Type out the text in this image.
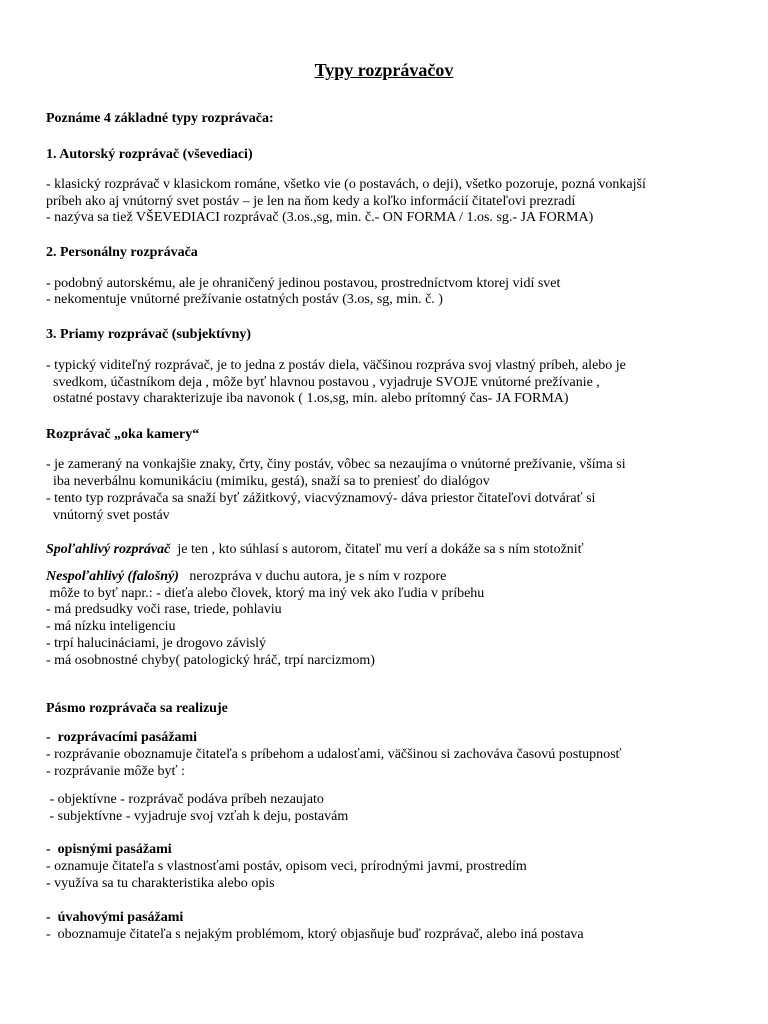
Typy rozprávačov
Poznáme 4 základné typy rozprávača:
1. Autorský rozprávač (vševediaci)
- klasický rozprávač v klasickom románe, všetko vie (o postavách, o deji), všetko pozoruje, pozná vonkajší
príbeh ako aj vnútorný svet postáv – je len na ňom kedy a koľko informácií čitateľovi prezradí
- nazýva sa tiež VŠEVEDIACI rozprávač (3.os.,sg, min. č.- ON FORMA / 1.os. sg.- JA FORMA)
2. Personálny rozprávača
- podobný autorskému, ale je ohraničený jedinou postavou, prostredníctvom ktorej vidí svet
- nekomentuje vnútorné prežívanie ostatných postáv (3.os, sg, min. č. )
3. Priamy rozprávač (subjektívny)
- typický viditeľný rozprávač, je to jedna z postáv diela, väčšinou rozpráva svoj vlastný príbeh, alebo je
svedkom, účastníkom deja , môže byť hlavnou postavou , vyjadruje SVOJE vnútorné prežívanie ,
ostatné postavy charakterizuje iba navonok ( 1.os,sg, min. alebo prítomný čas- JA FORMA)
Rozprávač „oka kamery“
- je zameraný na vonkajšie znaky, črty, činy postáv, vôbec sa nezaujíma o vnútorné prežívanie, všíma si
iba neverbálnu komunikáciu (mimiku, gestá), snaží sa to preniesť do dialógov
- tento typ rozprávača sa snaží byť zážitkový, viacvýznamový- dáva priestor čitateľovi dotvárať si
vnútorný svet postáv
Spoľahlivý rozprávač  je ten , kto súhlasí s autorom, čitateľ mu verí a dokáže sa s ním stotožniť
Nespoľahlivý (falošný)   nerozpráva v duchu autora, je s ním v rozpore
môže to byť napr.: - dieťa alebo človek, ktorý ma iný vek ako ľudia v príbehu
- má predsudky voči rase, triede, pohlaviu
- má nízku inteligenciu
- trpí halucináciami, je drogovo závislý
- má osobnostné chyby( patologický hráč, trpí narcizmom)
Pásmo rozprávača sa realizuje
-  rozprávacími pasážami
- rozprávanie oboznamuje čitateľa s príbehom a udalosťami, väčšinou si zachováva časovú postupnosť
- rozprávanie môže byť :
- objektívne - rozprávač podáva príbeh nezaujato
- subjektívne - vyjadruje svoj vzťah k deju, postavám
-  opisnými pasážami
- oznamuje čitateľa s vlastnosťami postáv, opisom veci, prírodnými javmi, prostredím
- využíva sa tu charakteristika alebo opis
-  úvahovými pasážami
-  oboznamuje čitateľa s nejakým problémom, ktorý objasňuje buď rozprávač, alebo iná postava
